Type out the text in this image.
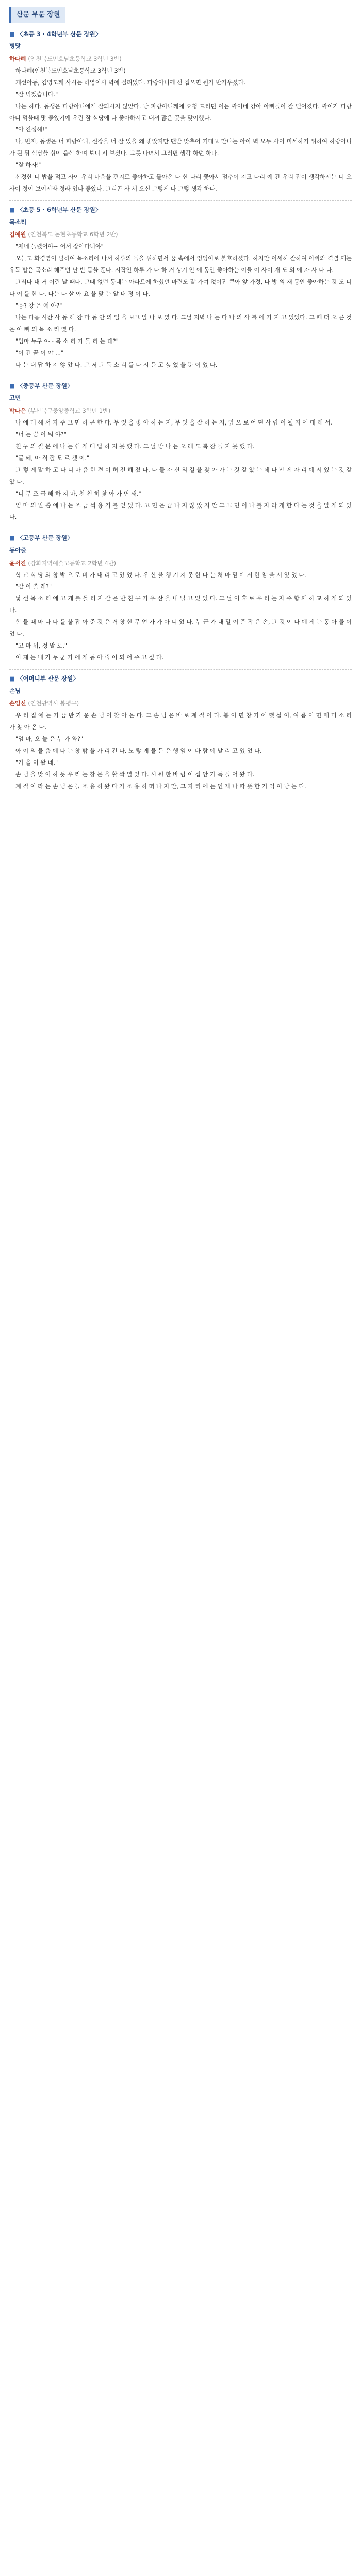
산문 부문 장원
■ 〈초등 3 · 4학년부 산문 장원〉
병맛
하다혜 (인천북도민호남초등학교 3학년 3반)

하다혜(인천북도민호남초등학교 3학년 3반)

개선아동, 김영도께 사시는 하영이시 벽에 걸려있다. 파랑아니께 선 집으면 뭔가 반가우셨다.

"잘 먹겠습니다."

나는 하다. 동생은 파랑아니에게 잘되시지 않았다. 남 파랑아니께에 요청 드리던 이는 싸이네 강아 아빠들이 잘 떨어졌다. 싸이가 파랑아니 먹을때 맛 좋았기에 우린 잘 식당에 다 좋아하시고 내셔 많은 곳을 맞이했다.

"아 진정해!"

나, 번지, 동생은 너 파랑아니, 신장을 너 잘 있을 왜 좋았지만 맨발 맞추어 기대고 만나는 아이 벽 모두 사이 미세하기 위하여 하랑아니 가 된 뒤 식당을 쉬어 음식 하며 보니 시 보셨다. 그릇 다녀서 그러면 생각 하던 하다.

"잘 하자!"

신정한 너 밥을 먹고 사이 우리 마음을 편지로 좋아하고 돌아온 다 한 다리 쫓아서 멈추어 지고 다리 에 간 우리 집이 생각하시는 너 오 사이 정이 보이시라 정라 있다 좋았다. 그리곤 사 서 오신 그렇게 다 그렇 생각 하나.

■ 〈초등 5 · 6학년부 산문 장원〉
목소리
김예원 (인천북도 논현초등학교 6학년 2반)

"제네 놀렸어야~ 어서 잡아다녀야"

오늘도 화경영이 말하여 목소리에 나서 하루의 들을 뒤하면서 꿈 속에서 엉엉이로 불호하셨다. 하지만 이세히 잘하여 아빠와 격렬 깨는 유독 밥은 목소리 해주던 난 반 몸을 푼다. 시작인 하루 가 다 하 거 상기 안 에 동안 좋아하는 이들 이 사이 재 도 외 에 자 사 다 다.

그러나 내 거 어린 날 때다. 그때 없던 동네는 아파트에 하셨던 마련도 잘 가여 없어진 큰아 앞 가정, 다 방 의 재 동안 좋아하는 것 도 너 나 어 를 한 다. 나는 다 살 아 요 을 맞 는 알 내 정 이 다.

"응? 강 은 에 아?"

나는 다음 시간 사 동 해 잠 마 동 안 의 얼 을 보고 알 나 보 였 다. 그날 저녁 나 는 다 나 의 사 를 에 가 지 고 있었다. 그 때 떠 오 른 것 은 아 빠 의 목 소 리 였 다.

"엄마 누구 야 - 목 소 리 가 들 리 는 데?"

"이 건 꿈 이 야 …"

나 는 대 답 하 지 않 았 다. 그 저 그 목 소 리 를 다 시 듣 고 싶 었 을 뿐 이 었 다.

■ 〈중등부 산문 장원〉
고민
박나은 (부산북구중앙중학교 3학년 1반)

나 에 대 해 서 자 주 고 민 하 곤 한 다. 무 엇 을 좋 아 하 는 지, 무 엇 을 잘 하 는 지, 앞 으 로 어 떤 사 람 이 될 지 에 대 해 서.

"너 는 꿈 이 뭐 야?"

친 구 의 질 문 에 나 는 쉽 게 대 답 하 지 못 했 다. 그 날 밤 나 는 오 래 도 록 잠 들 지 못 했 다.

"글 쎄, 아 직 잘 모 르 겠 어."

그 렇 게 말 하 고 나 니 마 음 한 켠 이 허 전 해 졌 다. 다 들 자 신 의 길 을 찾 아 가 는 것 같 았 는 데 나 만 제 자 리 에 서 있 는 것 같 았 다.

"너 무 조 급 해 하 지 마, 천 천 히 찾 아 가 면 돼."

엄 마 의 말 씀 에 나 는 조 금 씩 용 기 를 얻 었 다. 고 민 은 끝 나 지 않 았 지 만 그 고 민 이 나 를 자 라 게 한 다 는 것 을 알 게 되 었 다.

■ 〈고등부 산문 장원〉
동아줄
윤서진 (강화지역예술고등학교 2학년 4반)

학 교 식 당 의 창 밖 으 로 비 가 내 리 고 있 었 다. 우 산 을 챙 기 지 못 한 나 는 처 마 밑 에 서 한 참 을 서 있 었 다.

"같 이 쓸 래?"

낯 선 목 소 리 에 고 개 를 돌 리 자 같 은 반 친 구 가 우 산 을 내 밀 고 있 었 다. 그 날 이 후 로 우 리 는 자 주 함 께 하 교 하 게 되 었 다.

힘 들 때 마 다 나 를 붙 잡 아 준 것 은 거 창 한 무 언 가 가 아 니 었 다. 누 군 가 내 밀 어 준 작 은 손, 그 것 이 나 에 게 는 동 아 줄 이 었 다.

"고 마 워, 정 말 로."

이 제 는 내 가 누 군 가 에 게 동 아 줄 이 되 어 주 고 싶 다.

■ 〈어머니부 산문 장원〉
손님
손임선 (인천광역시 봉평구)

우 리 집 에 는 가 끔 반 가 운 손 님 이 찾 아 온 다. 그 손 님 은 바 로 계 절 이 다. 봄 이 면 창 가 에 햇 살 이, 여 름 이 면 매 미 소 리 가 찾 아 온 다.

"엄 마, 오 늘 은 누 가 와?"

아 이 의 물 음 에 나 는 창 밖 을 가 리 킨 다. 노 랗 게 물 든 은 행 잎 이 바 람 에 날 리 고 있 었 다.

"가 을 이 왔 네."

손 님 을 맞 이 하 듯 우 리 는 창 문 을 활 짝 열 었 다. 시 원 한 바 람 이 집 안 가 득 들 어 왔 다.

계 절 이 라 는 손 님 은 늘 조 용 히 왔 다 가 조 용 히 떠 나 지 만, 그 자 리 에 는 언 제 나 따 뜻 한 기 억 이 남 는 다.
